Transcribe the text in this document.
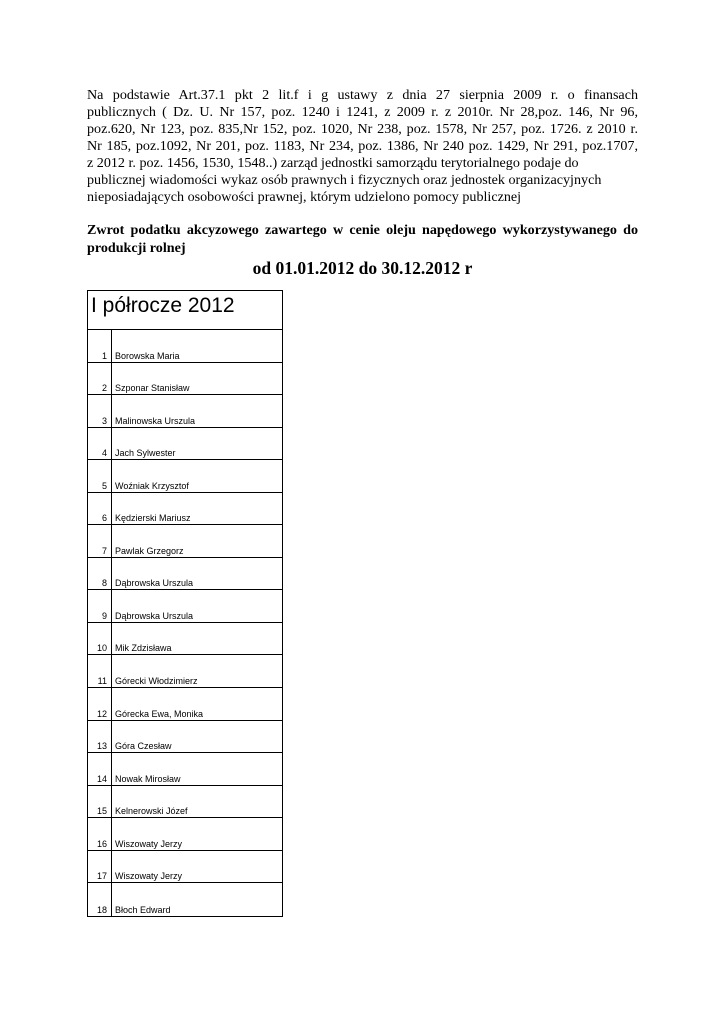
Na podstawie Art.37.1 pkt 2 lit.f i g ustawy z dnia 27 sierpnia 2009 r. o finansach

publicznych ( Dz. U. Nr 157, poz. 1240 i 1241, z 2009 r. z 2010r. Nr 28,poz. 146, Nr 96,

poz.620, Nr 123, poz. 835,Nr 152, poz. 1020, Nr 238, poz. 1578, Nr 257, poz. 1726. z 2010 r.

Nr 185, poz.1092, Nr 201, poz. 1183, Nr 234, poz. 1386, Nr 240 poz. 1429, Nr 291, poz.1707,

z 2012 r. poz. 1456, 1530, 1548..) zarząd jednostki samorządu terytorialnego podaje do

publicznej wiadomości wykaz osób prawnych i fizycznych oraz jednostek organizacyjnych

nieposiadających osobowości prawnej, którym udzielono pomocy publicznej

Zwrot podatku akcyzowego zawartego w cenie oleju napędowego wykorzystywanego do

produkcji rolnej

od 01.01.2012 do 30.12.2012 r

I półrocze 2012
1 Borowska Maria
2 Szponar Stanisław
3 Malinowska Urszula
4 Jach Sylwester
5 Woźniak Krzysztof
6 Kędzierski Mariusz
7 Pawlak Grzegorz
8 Dąbrowska Urszula
9 Dąbrowska Urszula
10 Mik Zdzisława
11 Górecki Włodzimierz
12 Górecka Ewa, Monika
13 Góra Czesław
14 Nowak Mirosław
15 Kelnerowski Józef
16 Wiszowaty Jerzy
17 Wiszowaty Jerzy
18 Błoch Edward
